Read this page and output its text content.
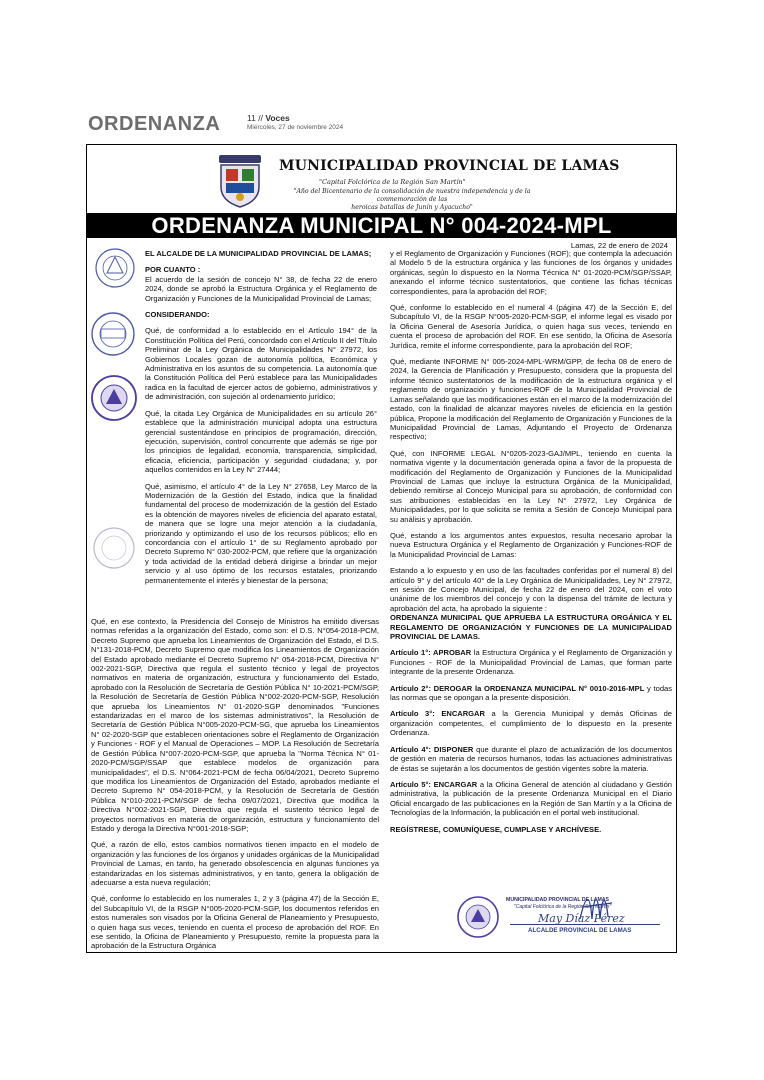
ORDENANZA	11 // Voces
Miércoles, 27 de noviembre 2024
MUNICIPALIDAD PROVINCIAL DE LAMAS
"Capital Folclórica de la Región San Martín"
"Año del Bicentenario de la consolidación de nuestra independencia y de la conmemoración de las
heroicas batallas de Junín y Ayacucho"
ORDENANZA MUNICIPAL N° 004-2024-MPL
Lamas, 22 de enero de 2024

EL ALCALDE DE LA MUNICIPALIDAD PROVINCIAL DE LAMAS;

POR CUANTO :

El acuerdo de la sesión de concejo N° 38, de fecha 22 de enero 2024, donde se aprobó la Estructura Orgánica y el Reglamento de Organización y Funciones de la Municipalidad Provincial de Lamas;

CONSIDERANDO:

Qué, de conformidad a lo establecido en el Artículo 194° de la Constitución Política del Perú, concordado con el Artículo II del Título Preliminar de la Ley Orgánica de Municipalidades N° 27972, los Gobiernos Locales gozan de autonomía política, Económica y Administrativa en los asuntos de su competencia. La autonomía que la Constitución Política del Perú establece para las Municipalidades radica en la facultad de ejercer actos de gobierno, administrativos y de administración, con sujeción al ordenamiento jurídico;

Qué, la citada Ley Orgánica de Municipalidades en su artículo 26° establece que la administración municipal adopta una estructura gerencial sustentándose en principios de programación, dirección, ejecución, supervisión, control concurrente que además se rige por los principios de legalidad, economía, transparencia, simplicidad, eficacia, eficiencia, participación y seguridad ciudadana; y, por aquellos contenidos en la Ley N° 27444;

Qué, asimismo, el artículo 4° de la Ley N° 27658, Ley Marco de la Modernización de la Gestión del Estado, indica que la finalidad fundamental del proceso de modernización de la gestión del Estado es la obtención de mayores niveles de eficiencia del aparato estatal, de manera que se logre una mejor atención a la ciudadanía, priorizando y optimizando el uso de los recursos públicos; ello en concordancia con el artículo 1° de su Reglamento aprobado por Decreto Supremo N° 030-2002-PCM, que refiere que la organización y toda actividad de la entidad deberá dirigirse a brindar un mejor servicio y al uso óptimo de los recursos estatales, priorizando permanentemente el interés y bienestar de la persona;

Qué, en ese contexto, la Presidencia del Consejo de Ministros ha emitido diversas normas referidas a la organización del Estado, como son: el D.S. N°054-2018-PCM, Decreto Supremo que aprueba los Lineamientos de Organización del Estado, el D.S. N°131-2018-PCM, Decreto Supremo que modifica los Lineamientos de Organización del Estado aprobado mediante el Decreto Supremo N° 054-2018-PCM, Directiva N° 002-2021-SGP, Directiva que regula el sustento técnico y legal de proyectos normativos en materia de organización, estructura y funcionamiento del Estado, aprobado con la Resolución de Secretaría de Gestión Pública N° 10-2021-PCM/SGP, la Resolución de Secretaría de Gestión Pública N°002-2020-PCM-SGP, Resolución que aprueba los Lineamientos N° 01-2020-SGP denominados "Funciones estandarizadas en el marco de los sistemas administrativos", la Resolución de Secretaría de Gestión Pública N°005-2020-PCM-SG, que aprueba los Lineamientos N° 02-2020-SGP que establecen orientaciones sobre el Reglamento de Organización y Funciones - ROF y el Manual de Operaciones – MOP. La Resolución de Secretaría de Gestión Pública N°007-2020-PCM-SGP, que aprueba la "Norma Técnica N° 01-2020-PCM/SGP/SSAP que establece modelos de organización para municipalidades", el D.S. N°064-2021-PCM de fecha 06/04/2021, Decreto Supremo que modifica los Lineamientos de Organización del Estado, aprobados mediante el Decreto Supremo N° 054-2018-PCM, y la Resolución de Secretaría de Gestión Pública N°010-2021-PCM/SGP de fecha 09/07/2021, Directiva que modifica la Directiva N°002-2021-SGP, Directiva que regula el sustento técnico legal de proyectos normativos en materia de organización, estructura y funcionamiento del Estado y deroga la Directiva N°001-2018-SGP;

Qué, a razón de ello, estos cambios normativos tienen impacto en el modelo de organización y las funciones de los órganos y unidades orgánicas de la Municipalidad Provincial de Lamas, en tanto, ha generado obsolescencia en algunas funciones ya estandarizadas en los sistemas administrativos, y en tanto, genera la obligación de adecuarse a esta nueva regulación;

Qué, conforme lo establecido en los numerales 1, 2 y 3 (página 47) de la Sección E, del Subcapítulo VI, de la RSGP N°005-2020-PCM-SGP, los documentos referidos en estos numerales son visados por la Oficina General de Planeamiento y Presupuesto, o quien haga sus veces, teniendo en cuenta el proceso de aprobación del ROF. En ese sentido, la Oficina de Planeamiento y Presupuesto, remite la propuesta para la aprobación de la Estructura Orgánica

y el Reglamento de Organización y Funciones (ROF); que contempla la adecuación al Modelo 5 de la estructura orgánica y las funciones de los órganos y unidades orgánicas, según lo dispuesto en la Norma Técnica N° 01-2020-PCM/SGP/SSAP, anexando el informe técnico sustentatorios, que contiene las fichas técnicas correspondientes, para la aprobación del ROF;

Qué, conforme lo establecido en el numeral 4 (página 47) de la Sección E, del Subcapítulo VI, de la RSGP N°005-2020-PCM-SGP, el informe legal es visado por la Oficina General de Asesoría Jurídica, o quien haga sus veces, teniendo en cuenta el proceso de aprobación del ROF. En ese sentido, la Oficina de Asesoría Jurídica, remite el informe correspondiente, para la aprobación del ROF;

Qué, mediante INFORME N° 005-2024-MPL-WRM/GPP, de fecha 08 de enero de 2024, la Gerencia de Planificación y Presupuesto, considera que la propuesta del informe técnico sustentatorios de la modificación de la estructura orgánica y el reglamento de organización y funciones-ROF de la Municipalidad Provincial de Lamas señalando que las modificaciones están en el marco de la modernización del estado, con la finalidad de alcanzar mayores niveles de eficiencia en la gestión pública, Propone la modificación del Reglamento de Organización y Funciones de la Municipalidad Provincial de Lamas, Adjuntando el Proyecto de Ordenanza respectivo;

Qué, con INFORME LEGAL N°0205-2023-GAJ/MPL, teniendo en cuenta la normativa vigente y la documentación generada opina a favor de la propuesta de modificación del Reglamento de Organización y Funciones de la Municipalidad Provincial de Lamas que incluye la estructura Orgánica de la Municipalidad, debiendo remitirse al Concejo Municipal para su aprobación, de conformidad con sus atribuciones establecidas en la Ley N° 27972, Ley Orgánica de Municipalidades, por lo que solicita se remita a Sesión de Concejo Municipal para su análisis y aprobación.

Qué, estando a los argumentos antes expuestos, resulta necesario aprobar la nueva Estructura Orgánica y el Reglamento de Organización y Funciones-ROF de la Municipalidad Provincial de Lamas:

Estando a lo expuesto y en uso de las facultades conferidas por el numeral 8) del artículo 9° y del artículo 40° de la Ley Orgánica de Municipalidades, Ley N° 27972, en sesión de Concejo Municipal, de fecha 22 de enero del 2024, con el voto unánime de los miembros del concejo y con la dispensa del trámite de lectura y aprobación del acta, ha aprobado la siguiente :

ORDENANZA MUNICIPAL QUE APRUEBA LA ESTRUCTURA ORGÁNICA Y EL REGLAMENTO DE ORGANIZACIÓN Y FUNCIONES DE LA MUNICIPALIDAD PROVINCIAL DE LAMAS.

Artículo 1°: APROBAR la Estructura Orgánica y el Reglamento de Organización y Funciones - ROF de la Municipalidad Provincial de Lamas, que forman parte integrante de la presente Ordenanza.

Artículo 2°: DEROGAR la ORDENANZA MUNICIPAL N° 0010-2016-MPL y todas las normas que se opongan a la presente disposición.

Artículo 3°: ENCARGAR a la Gerencia Municipal y demás Oficinas de organización competentes, el cumplimiento de lo dispuesto en la presente Ordenanza.

Artículo 4°: DISPONER que durante el plazo de actualización de los documentos de gestión en materia de recursos humanos, todas las actuaciones administrativas de éstas se sujetarán a los documentos de gestión vigentes sobre la materia.

Artículo 5°: ENCARGAR a la Oficina General de atención al ciudadano y Gestión administrativa, la publicación de la presente Ordenanza Municipal en el Diario Oficial encargado de las publicaciones en la Región de San Martín y a la Oficina de Tecnologías de la Información, la publicación en el portal web institucional.

REGÍSTRESE, COMUNÍQUESE, CUMPLASE Y ARCHÍVESE.

MUNICIPALIDAD PROVINCIAL DE LAMAS
"Capital Folclórica de la Región San Martín"
May Díaz Pérez
ALCALDE PROVINCIAL DE LAMAS
